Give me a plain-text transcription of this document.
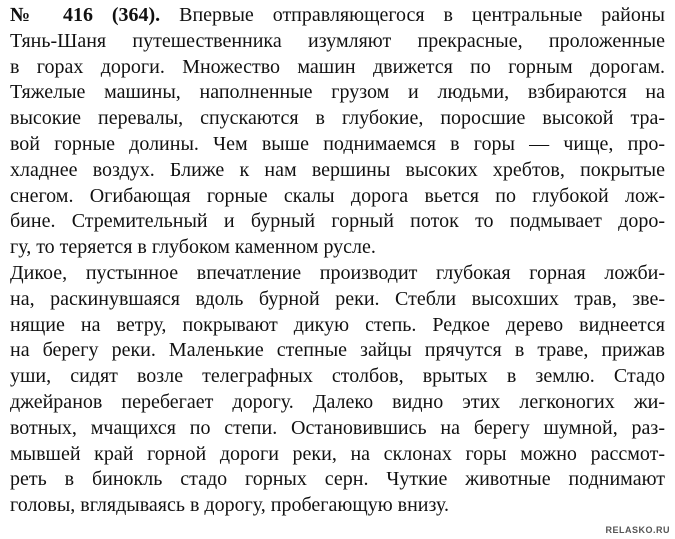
№ 416 (364). Впервые отправляющегося в центральные районы
Тянь-Шаня путешественника изумляют прекрасные, проложенные
в горах дороги. Множество машин движется по горным дорогам.
Тяжелые машины, наполненные грузом и людьми, взбираются на
высокие перевалы, спускаются в глубокие, поросшие высокой тра-
вой горные долины. Чем выше поднимаемся в горы — чище, про-
хладнее воздух. Ближе к нам вершины высоких хребтов, покрытые
снегом. Огибающая горные скалы дорога вьется по глубокой лож-
бине. Стремительный и бурный горный поток то подмывает доро-
гу, то теряется в глубоком каменном русле.
Дикое, пустынное впечатление производит глубокая горная ложби-
на, раскинувшаяся вдоль бурной реки. Стебли высохших трав, зве-
нящие на ветру, покрывают дикую степь. Редкое дерево виднеется
на берегу реки. Маленькие степные зайцы прячутся в траве, прижав
уши, сидят возле телеграфных столбов, врытых в землю. Стадо
джейранов перебегает дорогу. Далеко видно этих легконогих жи-
вотных, мчащихся по степи. Остановившись на берегу шумной, раз-
мывшей край горной дороги реки, на склонах горы можно рассмот-
реть в бинокль стадо горных серн. Чуткие животные поднимают
головы, вглядываясь в дорогу, пробегающую внизу.
RELASKO.RU
